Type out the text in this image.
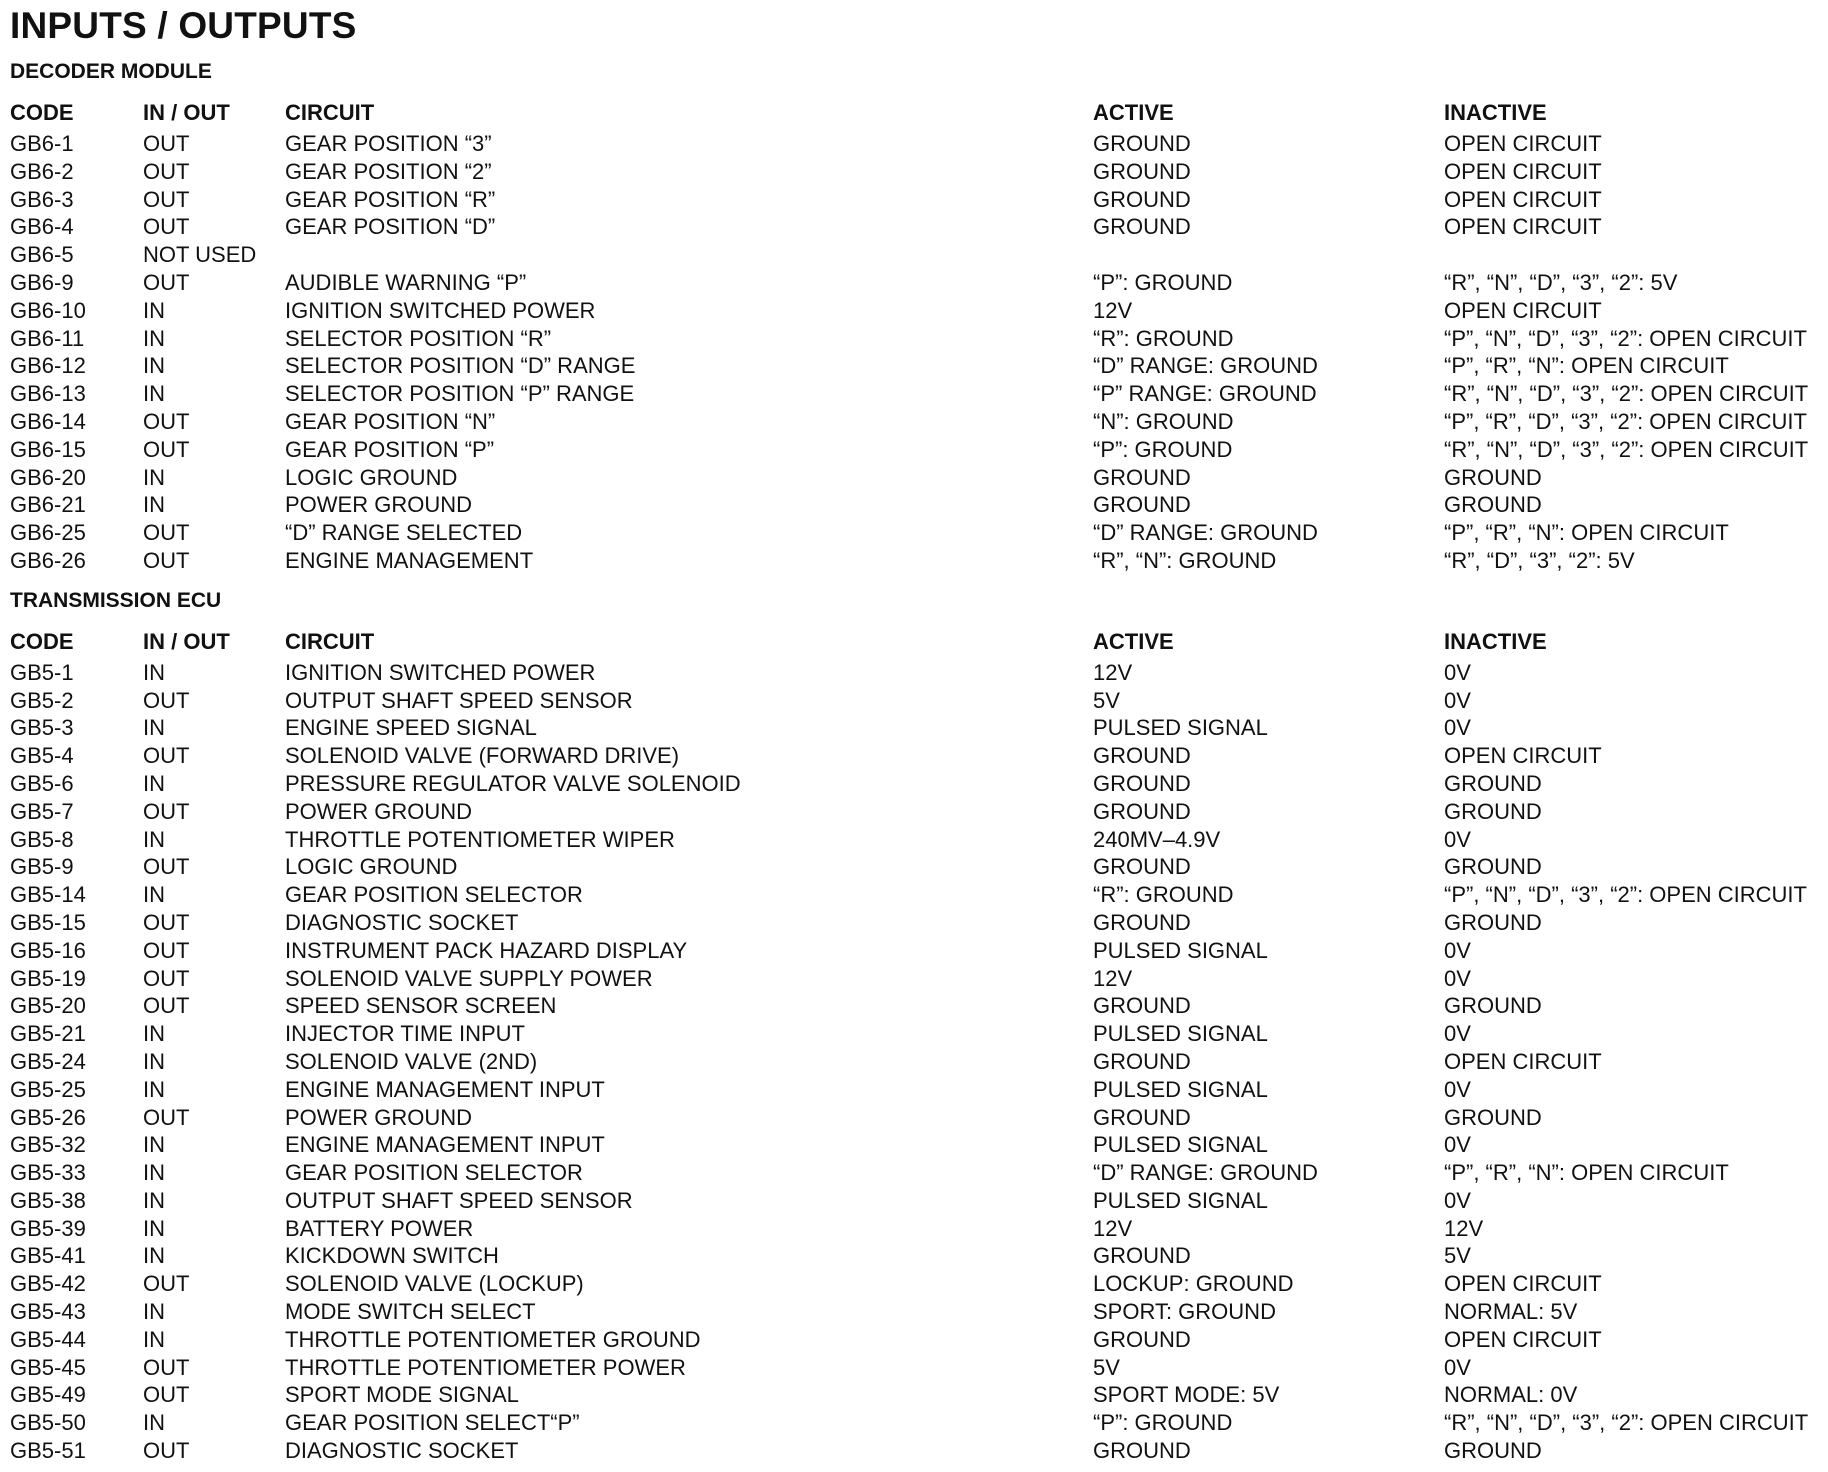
INPUTS / OUTPUTS
DECODER MODULE
CODE	IN / OUT	CIRCUIT	ACTIVE	INACTIVE
GB6-1	OUT	GEAR POSITION “3”	GROUND	OPEN CIRCUIT
GB6-2	OUT	GEAR POSITION “2”	GROUND	OPEN CIRCUIT
GB6-3	OUT	GEAR POSITION “R”	GROUND	OPEN CIRCUIT
GB6-4	OUT	GEAR POSITION “D”	GROUND	OPEN CIRCUIT
GB6-5	NOT USED
GB6-9	OUT	AUDIBLE WARNING “P”	“P”: GROUND	“R”, “N”, “D”, “3”, “2”: 5V
GB6-10	IN	IGNITION SWITCHED POWER	12V	OPEN CIRCUIT
GB6-11	IN	SELECTOR POSITION “R”	“R”: GROUND	“P”, “N”, “D”, “3”, “2”: OPEN CIRCUIT
GB6-12	IN	SELECTOR POSITION “D” RANGE	“D” RANGE: GROUND	“P”, “R”, “N”: OPEN CIRCUIT
GB6-13	IN	SELECTOR POSITION “P” RANGE	“P” RANGE: GROUND	“R”, “N”, “D”, “3”, “2”: OPEN CIRCUIT
GB6-14	OUT	GEAR POSITION “N”	“N”: GROUND	“P”, “R”, “D”, “3”, “2”: OPEN CIRCUIT
GB6-15	OUT	GEAR POSITION “P”	“P”: GROUND	“R”, “N”, “D”, “3”, “2”: OPEN CIRCUIT
GB6-20	IN	LOGIC GROUND	GROUND	GROUND
GB6-21	IN	POWER GROUND	GROUND	GROUND
GB6-25	OUT	“D” RANGE SELECTED	“D” RANGE: GROUND	“P”, “R”, “N”: OPEN CIRCUIT
GB6-26	OUT	ENGINE MANAGEMENT	“R”, “N”: GROUND	“R”, “D”, “3”, “2”: 5V
TRANSMISSION ECU
CODE	IN / OUT	CIRCUIT	ACTIVE	INACTIVE
GB5-1	IN	IGNITION SWITCHED POWER	12V	0V
GB5-2	OUT	OUTPUT SHAFT SPEED SENSOR	5V	0V
GB5-3	IN	ENGINE SPEED SIGNAL	PULSED SIGNAL	0V
GB5-4	OUT	SOLENOID VALVE (FORWARD DRIVE)	GROUND	OPEN CIRCUIT
GB5-6	IN	PRESSURE REGULATOR VALVE SOLENOID	GROUND	GROUND
GB5-7	OUT	POWER GROUND	GROUND	GROUND
GB5-8	IN	THROTTLE POTENTIOMETER WIPER	240MV–4.9V	0V
GB5-9	OUT	LOGIC GROUND	GROUND	GROUND
GB5-14	IN	GEAR POSITION SELECTOR	“R”: GROUND	“P”, “N”, “D”, “3”, “2”: OPEN CIRCUIT
GB5-15	OUT	DIAGNOSTIC SOCKET	GROUND	GROUND
GB5-16	OUT	INSTRUMENT PACK HAZARD DISPLAY	PULSED SIGNAL	0V
GB5-19	OUT	SOLENOID VALVE SUPPLY POWER	12V	0V
GB5-20	OUT	SPEED SENSOR SCREEN	GROUND	GROUND
GB5-21	IN	INJECTOR TIME INPUT	PULSED SIGNAL	0V
GB5-24	IN	SOLENOID VALVE (2ND)	GROUND	OPEN CIRCUIT
GB5-25	IN	ENGINE MANAGEMENT INPUT	PULSED SIGNAL	0V
GB5-26	OUT	POWER GROUND	GROUND	GROUND
GB5-32	IN	ENGINE MANAGEMENT INPUT	PULSED SIGNAL	0V
GB5-33	IN	GEAR POSITION SELECTOR	“D” RANGE: GROUND	“P”, “R”, “N”: OPEN CIRCUIT
GB5-38	IN	OUTPUT SHAFT SPEED SENSOR	PULSED SIGNAL	0V
GB5-39	IN	BATTERY POWER	12V	12V
GB5-41	IN	KICKDOWN SWITCH	GROUND	5V
GB5-42	OUT	SOLENOID VALVE (LOCKUP)	LOCKUP: GROUND	OPEN CIRCUIT
GB5-43	IN	MODE SWITCH SELECT	SPORT: GROUND	NORMAL: 5V
GB5-44	IN	THROTTLE POTENTIOMETER GROUND	GROUND	OPEN CIRCUIT
GB5-45	OUT	THROTTLE POTENTIOMETER POWER	5V	0V
GB5-49	OUT	SPORT MODE SIGNAL	SPORT MODE: 5V	NORMAL: 0V
GB5-50	IN	GEAR POSITION SELECT“P”	“P”: GROUND	“R”, “N”, “D”, “3”, “2”: OPEN CIRCUIT
GB5-51	OUT	DIAGNOSTIC SOCKET	GROUND	GROUND
